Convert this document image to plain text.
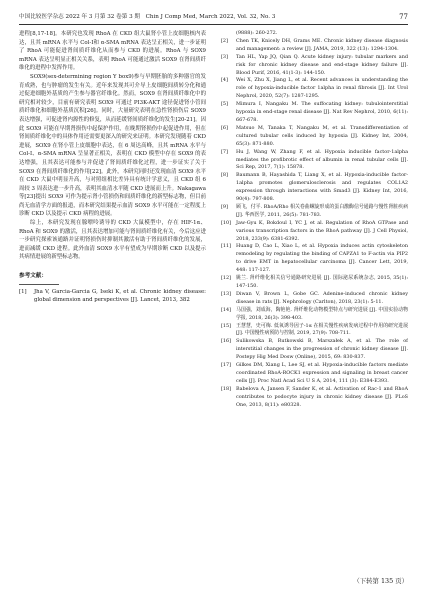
中国比较医学杂志 2022 年 3 月第 32 卷第 3 期　Chin J Comp Med, March 2022, Vol. 32, No. 3	77

进程[8,17-18]。本研究也发现 RhoA 在 CKD 组大鼠肾小管上皮细胞核内表达，且其 mRNA 水平与 Col-Ⅰ和 α-SMA mRNA 表达呈正相关，进一步证明了 RhoA 可能促进肾间质纤维化从而参与 CKD 的进展。RhoA 与 SOX9 mRNA 表达呈明显正相关关系，表明 RhoA 可能通过激活 SOX9 在肾间质纤维化的进程中发挥作用。

SOX9(sex-determining region Y box9)参与早期胚胎的多种器官的发育成熟，也与肿瘤的发生有关。近年来发现其可介导上皮细胞间质转分化和通过促进细胞外基质的产生参与器官纤维化。然而，SOX9 在肾间质纤维化中的研究相对较少，目前有研究表明 SOX9 可通过 PI3K-AKT 途径促进肾小管间质纤维化和细胞外基质沉积[26]。同时，大量研究表明在急性肾损伤后 SOX9 表达增强，可促进肾内源性的修复，从而延缓肾间质纤维化的发生[20-21]。因此 SOX9 可能在早期肾损伤中起保护作用，在晚期肾损伤中起促进作用，但在肾间质纤维化中的具体作用还需要更深入的研究来证明。本研究发现随着 CKD 进展，SOX9 在肾小管上皮细胞中表达，在 6 周达高峰，且其 mRNA 水平与 Col-Ⅰ、α-SMA mRNA 呈显著正相关，表明在 CKD 模型中存在 SOX9 的表达增强，且其表达可能参与并促进了肾间质纤维化过程，进一步证实了关于 SOX9 在肾间质纤维化的作用[22]。此外，本研究同时还发现血清 SOX9 水平在 CKD 大鼠中明显升高，与对照组相比差异具有统计学意义，且 CKD 组 6 周较 3 周表达进一步升高，表明其血清水平随 CKD 进展而上升。Nakagawa 等[23]提出 SOX9 可作为提示肾小管损伤和间质纤维化的新型标志物，但目前尚无血清学方面的报道，而本研究结果提示血清 SOX9 水平可能在一定程度上诊断 CKD 以及提示 CKD 病程的进展。

综上，本研究发现在腺嘌呤诱导的 CKD 大鼠模型中，存在 HIF-1α、RhoA 和 SOX9 的激活，且其表达增加可能与肾间质纤维化有关，今后这应进一步研究探索该通路并证明肾损伤时抑制其激活有助于肾间质纤维化的发展，进而减缓 CKD 进程。此外血清 SOX9 水平有望成为早期诊断 CKD 以及提示其病情进展的新型标志物。

参考文献：
[1]	Jha V, Garcia-Garcia G, Iseki K, et al. Chronic kidney disease: global dimension and perspectives [J]. Lancet, 2013, 382
(9888): 260-272.
[2]	Chen TK, Knicely DH, Grams ME. Chronic kidney disease diagnosis and management: a review [J]. JAMA, 2019, 322 (13): 1294-1304.
[3]	Tan HL, Yap JQ, Qian Q. Acute kidney injury: tubular markers and risk for chronic kidney disease and end-stage kidney failure [J]. Blood Purif, 2016, 41(1-3): 144-150.
[4]	Wei X, Zhu X, Jiang L, et al. Recent advances in understanding the role of hypoxia-inducible factor 1alpha in renal fibrosis [J]. Int Urol Nephrol, 2020, 52(7): 1287-1295.
[5]	Mimura I, Nangaku M. The suffocating kidney: tubulointerstitial hypoxia in end-stage renal disease [J]. Nat Rev Nephrol, 2010, 6(11): 667-678.
[6]	Matsuo M, Tanaka T, Nangaku M, et al. Transdifferentiation of cultured tubular cells induced by hypoxia [J]. Kidney Int, 2004, 65(3): 871-880.
[7]	Hu J, Wang W, Zhang F, et al. Hypoxia inducible factor-1alpha mediates the profibrotic effect of albumin in renal tubular cells [J]. Sci Rep, 2017, 7(1): 15878.
[8]	Baumann B, Hayashida T, Liang X, et al. Hypoxia-inducible factor-1alpha promotes glomerulosclerosis and regulates COL1A2 expression through interactions with Smad3 [J]. Kidney Int, 2016, 90(4): 797-808.
[9]	顾飞，付平. RhoA/Rho 相关卷曲螺旋形成的蛋白激酶信号通路与慢性肾脏疾病 [J]. 华西医学, 2011, 26(5): 781-783.
[10]	Jaw-Gyu K, Bokdoul I, YC J, et al. Regulation of RhoA GTPase and various transcription factors in the RhoA pathway [J]. J Cell Physiol, 2018, 233(9): 6381-6392.
[11]	Huang D, Cao L, Xiao L, et al. Hypoxia induces actin cytoskeleton remodeling by regulating the binding of CAPZA1 to F-actin via PIP2 to drive EMT in hepatocellular carcinoma [J]. Cancer Lett, 2019, 448: 117-127.
[12]	姚兰. 肾纤维化相关信号通路研究进展 [J]. 国际泌尿系统杂志, 2015, 35(1): 147-150.
[13]	Diwan V, Brown L, Gobe GC. Adenine-induced chronic kidney disease in rats [J]. Nephrology (Carlton), 2018, 23(1): 5-11.
[14]	马国强，刘成海，陶艳艳. 肾纤维化动物模型特点与研究进展 [J]. 中国实验动物学报, 2018, 26(3): 398-403.
[15]	王慧慧，史可梅. 低氧诱导因子-1α 在相关慢性疾病发病过程中作用的研究进展 [J]. 中国慢性病预防与控制, 2019, 27(9): 708-711.
[16]	Sulikowska B, Rutkowski B, Marszałek A, et al. The role of interstitial changes in the progression of chronic kidney disease [J]. Postepy Hig Med Dosw (Online), 2015, 69: 830-837.
[17]	Gilkes DM, Xiang L, Lee SJ, et al. Hypoxia-inducible factors mediate coordinated RhoA-ROCK1 expression and signaling in breast cancer cells [J]. Proc Natl Acad Sci U S A, 2014, 111 (3): E384-E393.
[18]	Babelova A, Jansen F, Sander K, et al. Activation of Rac-1 and RhoA contributes to podocyte injury in chronic kidney disease [J]. PLoS One, 2013, 8(11): e80328.
（下转第 135 页）
